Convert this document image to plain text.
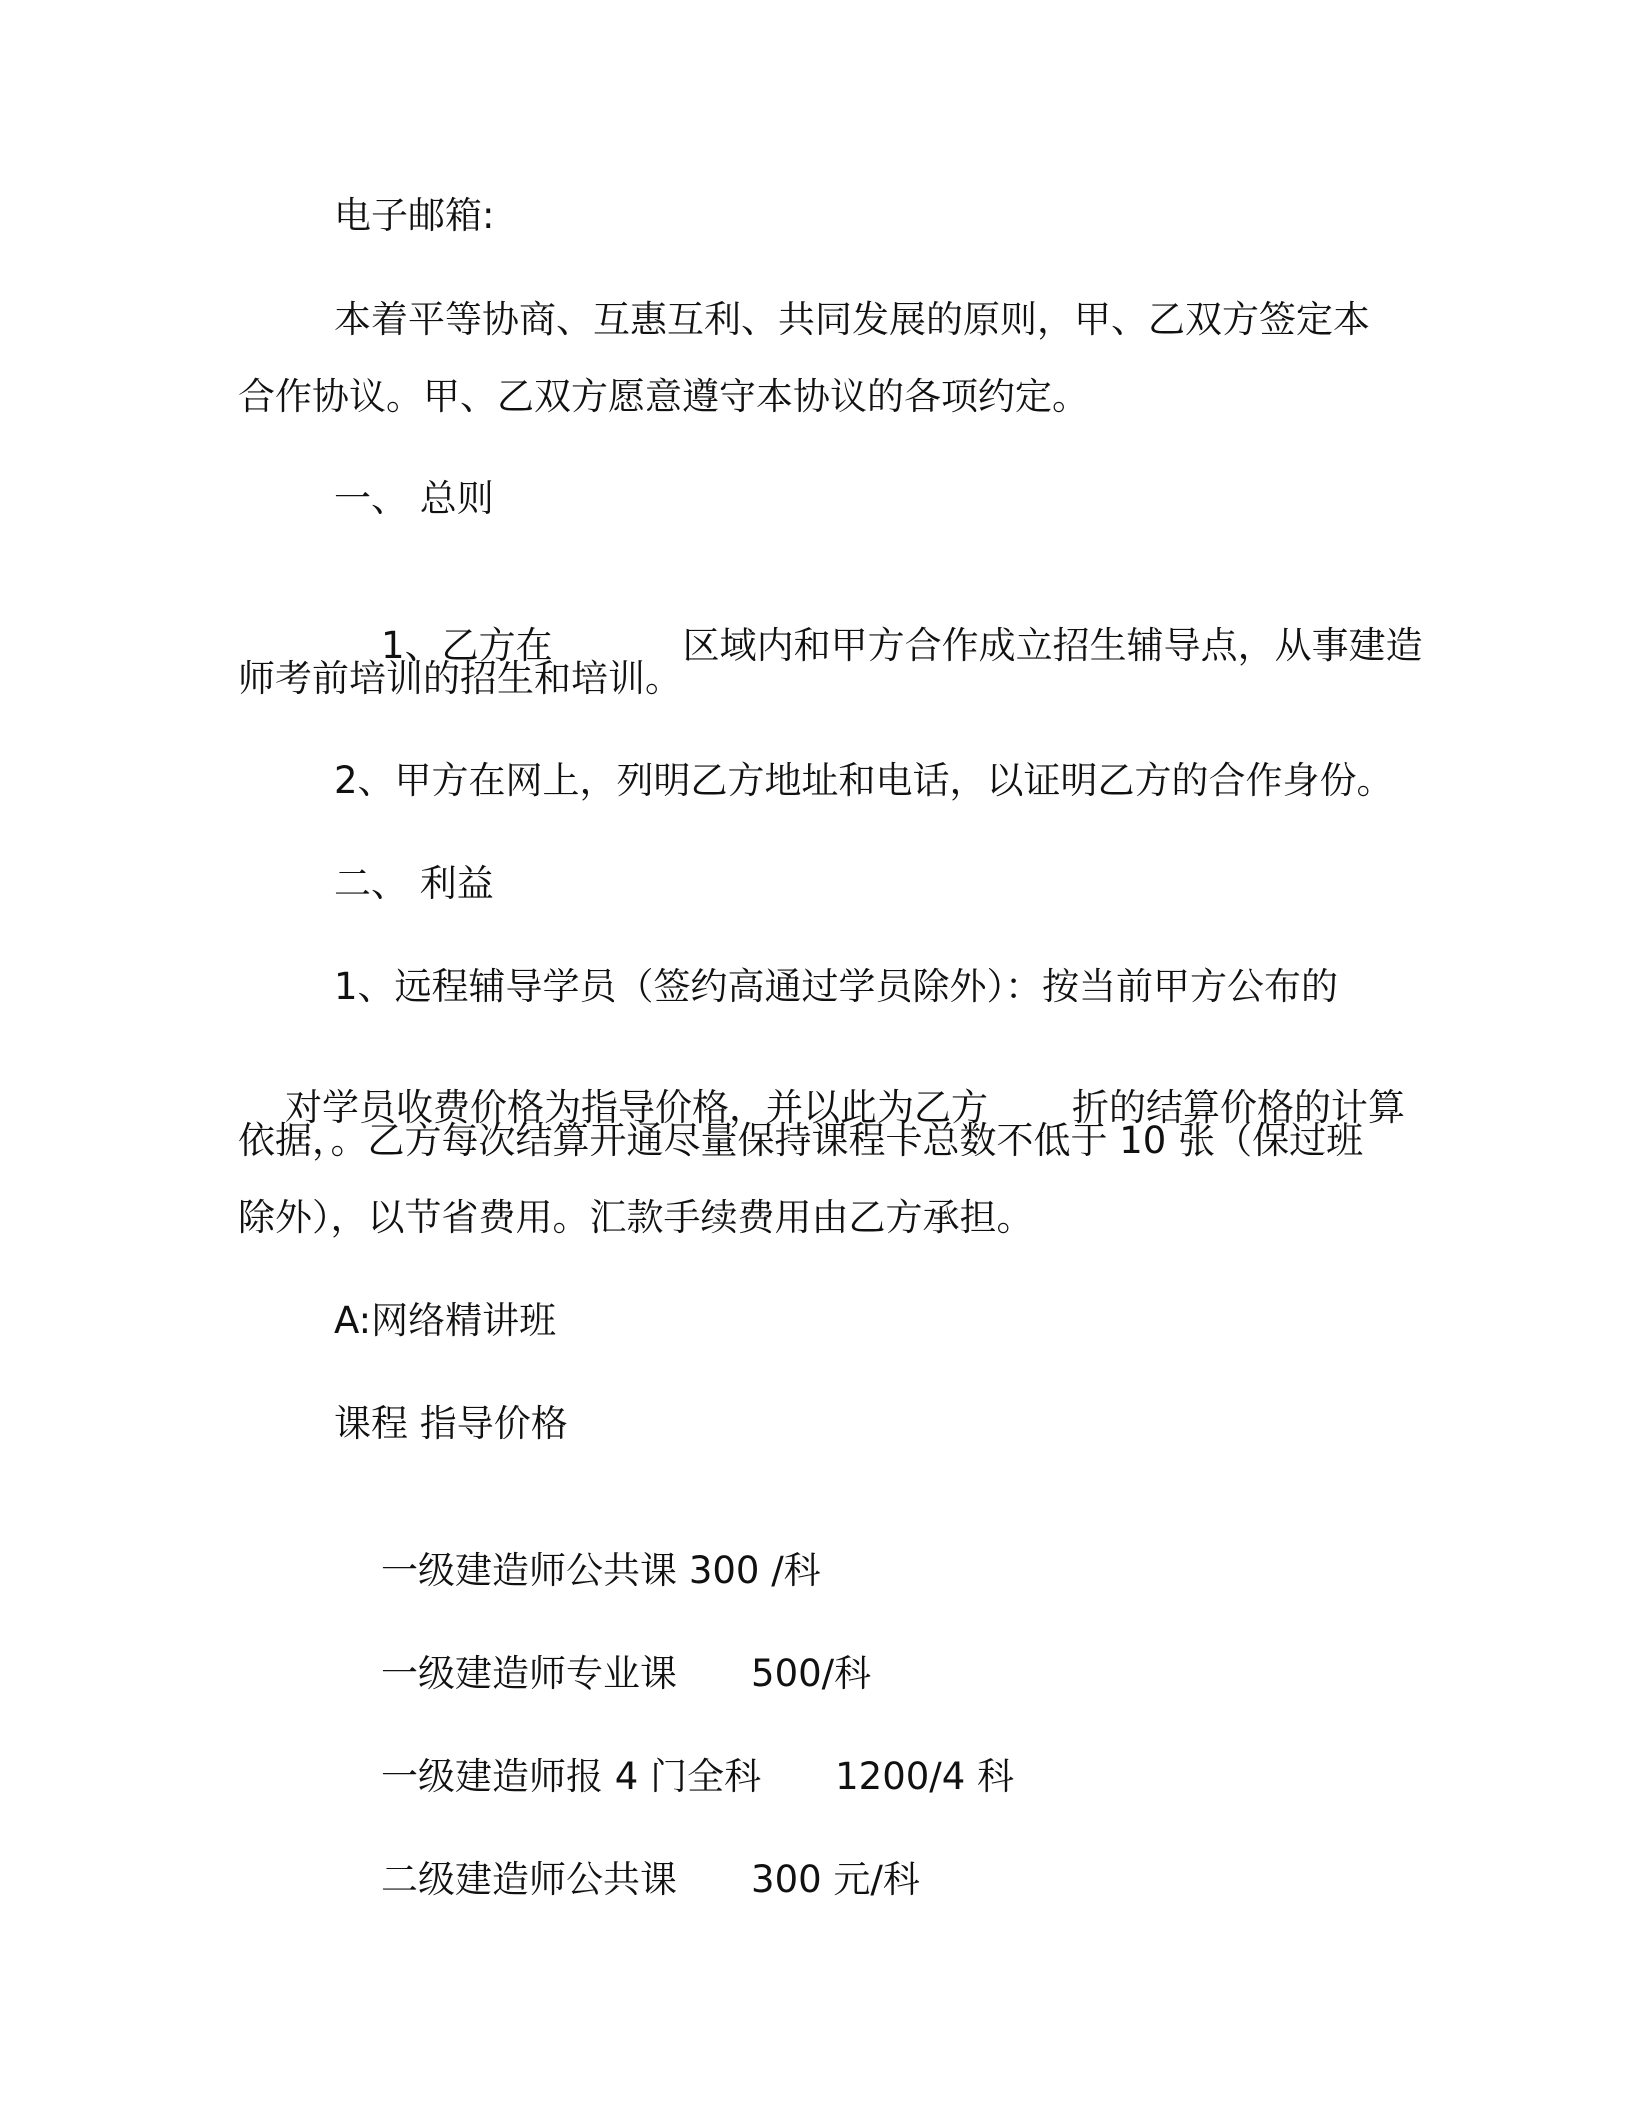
电子邮箱:
本着平等协商、互惠互利、共同发展的原则，甲、乙双方签定本
合作协议。甲、乙双方愿意遵守本协议的各项约定。
一、 总则

1、乙方在	区域内和甲方合作成立招生辅导点，从事建造

师考前培训的招生和培训。
2、甲方在网上，列明乙方地址和电话，以证明乙方的合作身份。
二、 利益
1、远程辅导学员（签约高通过学员除外）：按当前甲方公布的

对学员收费价格为指导价格，并以此为乙方 折的结算价格的计算

依据，。乙方每次结算开通尽量保持课程卡总数不低于 10 张（保过班
除外），以节省费用。汇款手续费用由乙方承担。
A:网络精讲班
课程 指导价格

一级建造师公共课 300 /科

一级建造师专业课 500/科

一级建造师报 4 门全科 1200/4 科

二级建造师公共课 300 元/科
